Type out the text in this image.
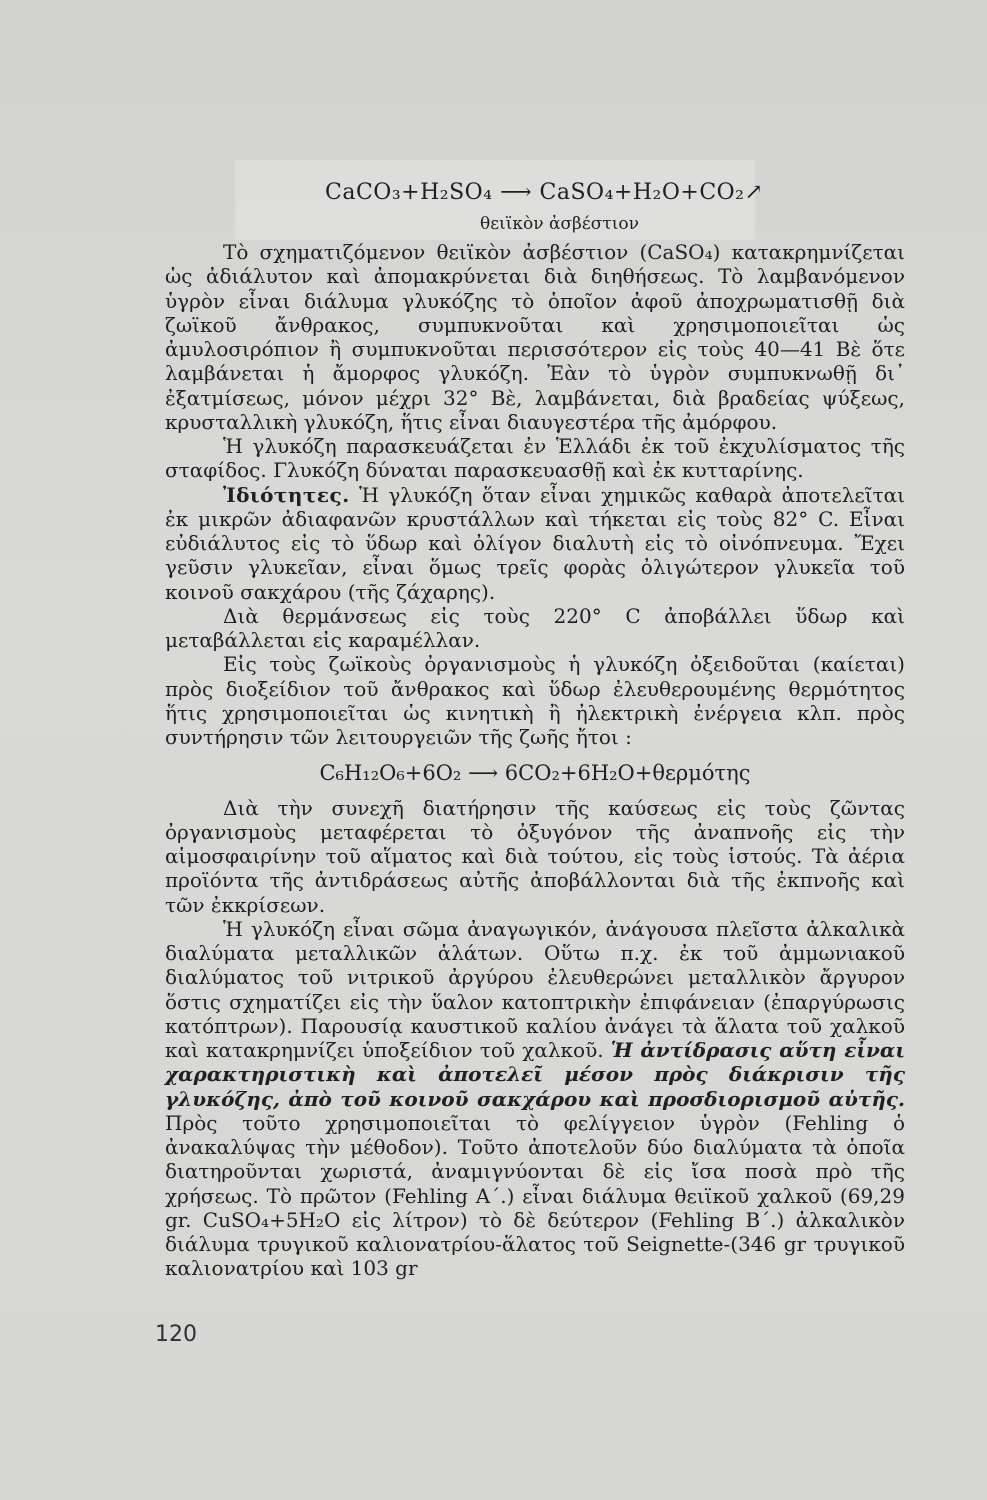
CaCO₃+H₂SO₄ ⟶ CaSO₄+H₂O+CO₂↗
θειϊκὸν ἀσβέστιον

Τὸ σχηματιζόμενον θειϊκὸν ἀσβέστιον (CaSO₄) κατακρημνίζεται ὡς ἀδιάλυτον καὶ ἀπομακρύνεται διὰ διηθήσεως. Τὸ λαμβανόμενον ὑγρὸν εἶναι διάλυμα γλυκόζης τὸ ὁποῖον ἀφοῦ ἀποχρωματισθῇ διὰ ζωϊκοῦ ἄνθρακος, συμπυκνοῦται καὶ χρησιμοποιεῖται ὡς ἀμυλοσιρόπιον ἢ συμπυκνοῦται περισσότερον εἰς τοὺς 40—41 Βὲ ὅτε λαμβάνεται ἡ ἄμορφος γλυκόζη. Ἐὰν τὸ ὑγρὸν συμπυκνωθῇ δι᾽ ἐξατμίσεως, μόνον μέχρι 32° Βὲ, λαμβάνεται, διὰ βραδείας ψύξεως, κρυσταλλικὴ γλυκόζη, ἥτις εἶναι διαυγεστέρα τῆς ἀμόρφου.

Ἡ γλυκόζη παρασκευάζεται ἐν Ἑλλάδι ἐκ τοῦ ἐκχυλίσματος τῆς σταφίδος. Γλυκόζη δύναται παρασκευασθῇ καὶ ἐκ κυτταρίνης.

Ἰδιότητες. Ἡ γλυκόζη ὅταν εἶναι χημικῶς καθαρὰ ἀποτελεῖται ἐκ μικρῶν ἀδιαφανῶν κρυστάλλων καὶ τήκεται εἰς τοὺς 82° C. Εἶναι εὐδιάλυτος εἰς τὸ ὕδωρ καὶ ὀλίγον διαλυτὴ εἰς τὸ οἰνόπνευμα. Ἔχει γεῦσιν γλυκεῖαν, εἶναι ὅμως τρεῖς φορὰς ὀλιγώτερον γλυκεῖα τοῦ κοινοῦ σακχάρου (τῆς ζάχαρης).

Διὰ θερμάνσεως εἰς τοὺς 220° C ἀποβάλλει ὕδωρ καὶ μεταβάλλεται εἰς καραμέλλαν.

Εἰς τοὺς ζωϊκοὺς ὀργανισμοὺς ἡ γλυκόζη ὀξειδοῦται (καίεται) πρὸς διοξείδιον τοῦ ἄνθρακος καὶ ὕδωρ ἐλευθερουμένης θερμότητος ἥτις χρησιμοποιεῖται ὡς κινητικὴ ἢ ἠλεκτρικὴ ἐνέργεια κλπ. πρὸς συντήρησιν τῶν λειτουργειῶν τῆς ζωῆς ἤτοι :

C₆H₁₂O₆+6O₂ ⟶ 6CO₂+6H₂O+θερμότης

Διὰ τὴν συνεχῆ διατήρησιν τῆς καύσεως εἰς τοὺς ζῶντας ὀργανισμοὺς μεταφέρεται τὸ ὀξυγόνον τῆς ἀναπνοῆς εἰς τὴν αἱμοσφαιρίνην τοῦ αἵματος καὶ διὰ τούτου, εἰς τοὺς ἱστούς. Τὰ ἀέρια προϊόντα τῆς ἀντιδράσεως αὐτῆς ἀποβάλλονται διὰ τῆς ἐκπνοῆς καὶ τῶν ἐκκρίσεων.

Ἡ γλυκόζη εἶναι σῶμα ἀναγωγικόν, ἀνάγουσα πλεῖστα ἀλκαλικὰ διαλύματα μεταλλικῶν ἁλάτων. Οὕτω π.χ. ἐκ τοῦ ἀμμωνιακοῦ διαλύματος τοῦ νιτρικοῦ ἀργύρου ἐλευθερώνει μεταλλικὸν ἄργυρον ὅστις σχηματίζει εἰς τὴν ὕαλον κατοπτρικὴν ἐπιφάνειαν (ἐπαργύρωσις κατόπτρων). Παρουσίᾳ καυστικοῦ καλίου ἀνάγει τὰ ἅλατα τοῦ χαλκοῦ καὶ κατακρημνίζει ὑποξείδιον τοῦ χαλκοῦ. Ἡ ἀντίδρασις αὕτη εἶναι χαρακτηριστικὴ καὶ ἀποτελεῖ μέσον πρὸς διάκρισιν τῆς γλυκόζης, ἀπὸ τοῦ κοινοῦ σακχάρου καὶ προσδιορισμοῦ αὐτῆς. Πρὸς τοῦτο χρησιμοποιεῖται τὸ φελίγγειον ὑγρὸν (Fehling ὁ ἀνακαλύψας τὴν μέθοδον). Τοῦτο ἀποτελοῦν δύο διαλύματα τὰ ὁποῖα διατηροῦνται χωριστά, ἀναμιγνύονται δὲ εἰς ἴσα ποσὰ πρὸ τῆς χρήσεως. Τὸ πρῶτον (Fehling A΄.) εἶναι διάλυμα θειϊκοῦ χαλκοῦ (69,29 gr. CuSO₄+5H₂O εἰς λίτρον) τὸ δὲ δεύτερον (Fehling B΄.) ἀλκαλικὸν διάλυμα τρυγικοῦ καλιονατρίου-ἅλατος τοῦ Seignette-(346 gr τρυγικοῦ καλιονατρίου καὶ 103 gr

120
